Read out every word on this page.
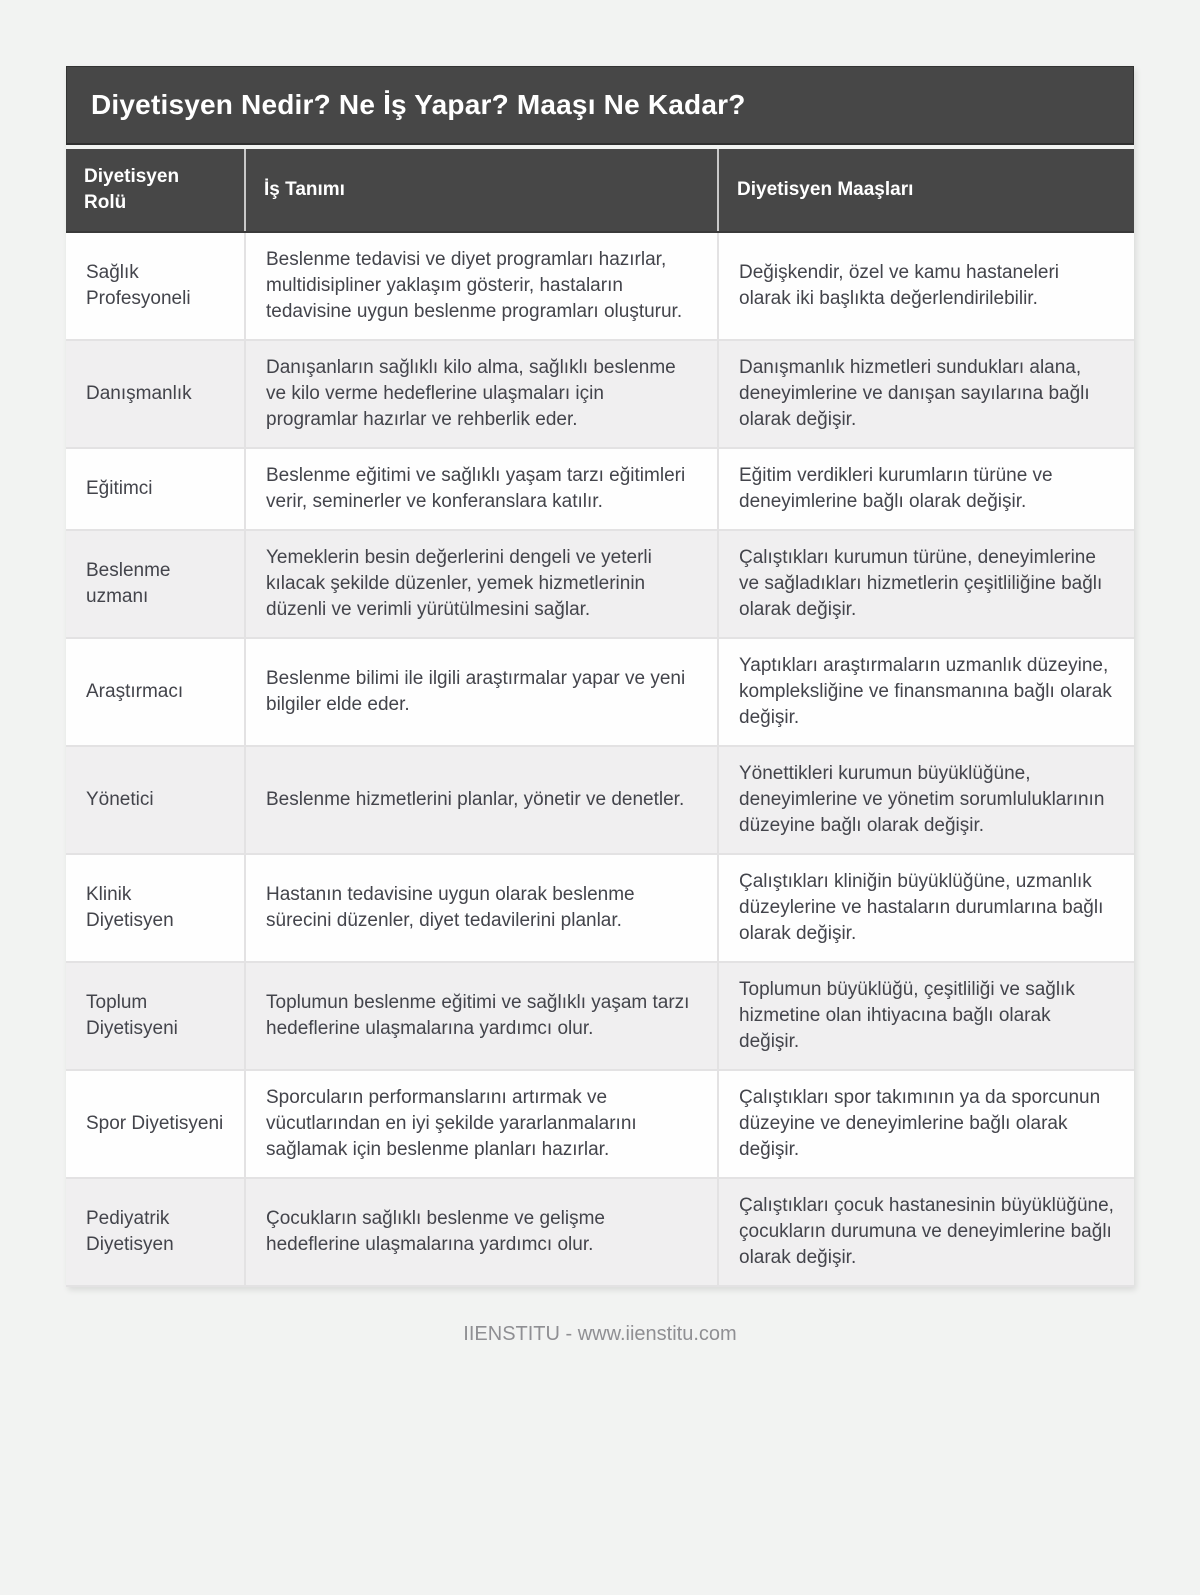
Diyetisyen Nedir? Ne İş Yapar? Maaşı Ne Kadar?
Diyetisyen Rolü	İş Tanımı	Diyetisyen Maaşları
Sağlık Profesyoneli	Beslenme tedavisi ve diyet programları hazırlar, multidisipliner yaklaşım gösterir, hastaların tedavisine uygun beslenme programları oluşturur.	Değişkendir, özel ve kamu hastaneleri olarak iki başlıkta değerlendirilebilir.
Danışmanlık	Danışanların sağlıklı kilo alma, sağlıklı beslenme ve kilo verme hedeflerine ulaşmaları için programlar hazırlar ve rehberlik eder.	Danışmanlık hizmetleri sundukları alana, deneyimlerine ve danışan sayılarına bağlı olarak değişir.
Eğitimci	Beslenme eğitimi ve sağlıklı yaşam tarzı eğitimleri verir, seminerler ve konferanslara katılır.	Eğitim verdikleri kurumların türüne ve deneyimlerine bağlı olarak değişir.
Beslenme uzmanı	Yemeklerin besin değerlerini dengeli ve yeterli kılacak şekilde düzenler, yemek hizmetlerinin düzenli ve verimli yürütülmesini sağlar.	Çalıştıkları kurumun türüne, deneyimlerine ve sağladıkları hizmetlerin çeşitliliğine bağlı olarak değişir.
Araştırmacı	Beslenme bilimi ile ilgili araştırmalar yapar ve yeni bilgiler elde eder.	Yaptıkları araştırmaların uzmanlık düzeyine, kompleksliğine ve finansmanına bağlı olarak değişir.
Yönetici	Beslenme hizmetlerini planlar, yönetir ve denetler.	Yönettikleri kurumun büyüklüğüne, deneyimlerine ve yönetim sorumluluklarının düzeyine bağlı olarak değişir.
Klinik Diyetisyen	Hastanın tedavisine uygun olarak beslenme sürecini düzenler, diyet tedavilerini planlar.	Çalıştıkları kliniğin büyüklüğüne, uzmanlık düzeylerine ve hastaların durumlarına bağlı olarak değişir.
Toplum Diyetisyeni	Toplumun beslenme eğitimi ve sağlıklı yaşam tarzı hedeflerine ulaşmalarına yardımcı olur.	Toplumun büyüklüğü, çeşitliliği ve sağlık hizmetine olan ihtiyacına bağlı olarak değişir.
Spor Diyetisyeni	Sporcuların performanslarını artırmak ve vücutlarından en iyi şekilde yararlanmalarını sağlamak için beslenme planları hazırlar.	Çalıştıkları spor takımının ya da sporcunun düzeyine ve deneyimlerine bağlı olarak değişir.
Pediyatrik Diyetisyen	Çocukların sağlıklı beslenme ve gelişme hedeflerine ulaşmalarına yardımcı olur.	Çalıştıkları çocuk hastanesinin büyüklüğüne, çocukların durumuna ve deneyimlerine bağlı olarak değişir.
IIENSTITU - www.iienstitu.com
